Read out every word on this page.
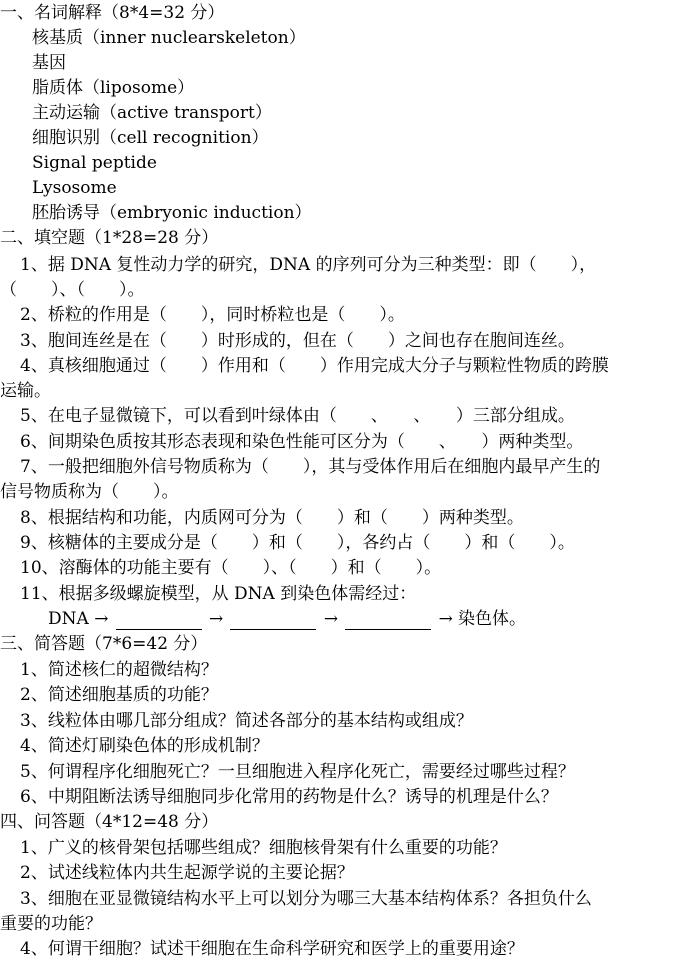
一、名词解释（8*4=32 分）
核基质（inner nuclearskeleton）
基因
脂质体（liposome）
主动运输（active transport）
细胞识别（cell recognition）
Signal peptide
Lysosome
胚胎诱导（embryonic induction）
二、填空题（1*28=28 分）
1、据 DNA 复性动力学的研究，DNA 的序列可分为三种类型：即（　　），
（　　）、（　　）。
2、桥粒的作用是（　　），同时桥粒也是（　　）。
3、胞间连丝是在（　　）时形成的，但在（　　）之间也存在胞间连丝。
4、真核细胞通过（　　）作用和（　　）作用完成大分子与颗粒性物质的跨膜
运输。
5、在电子显微镜下，可以看到叶绿体由（　　、　　、　　）三部分组成。
6、间期染色质按其形态表现和染色性能可区分为（　　、　　）两种类型。
7、一般把细胞外信号物质称为（　　），其与受体作用后在细胞内最早产生的
信号物质称为（　　）。
8、根据结构和功能，内质网可分为（　　）和（　　）两种类型。
9、核糖体的主要成分是（　　）和（　　），各约占（　　）和（　　）。
10、溶酶体的功能主要有（　　）、（　　）和（　　）。
11、根据多级螺旋模型，从 DNA 到染色体需经过：
DNA →	→	→	→ 染色体。
三、简答题（7*6=42 分）
1、简述核仁的超微结构？
2、简述细胞基质的功能？
3、线粒体由哪几部分组成？简述各部分的基本结构或组成？
4、简述灯刷染色体的形成机制？
5、何谓程序化细胞死亡？一旦细胞进入程序化死亡，需要经过哪些过程？
6、中期阻断法诱导细胞同步化常用的药物是什么？诱导的机理是什么？
四、问答题（4*12=48 分）
1、广义的核骨架包括哪些组成？细胞核骨架有什么重要的功能？
2、试述线粒体内共生起源学说的主要论据？
3、细胞在亚显微镜结构水平上可以划分为哪三大基本结构体系？各担负什么
重要的功能？
4、何谓干细胞？试述干细胞在生命科学研究和医学上的重要用途？
